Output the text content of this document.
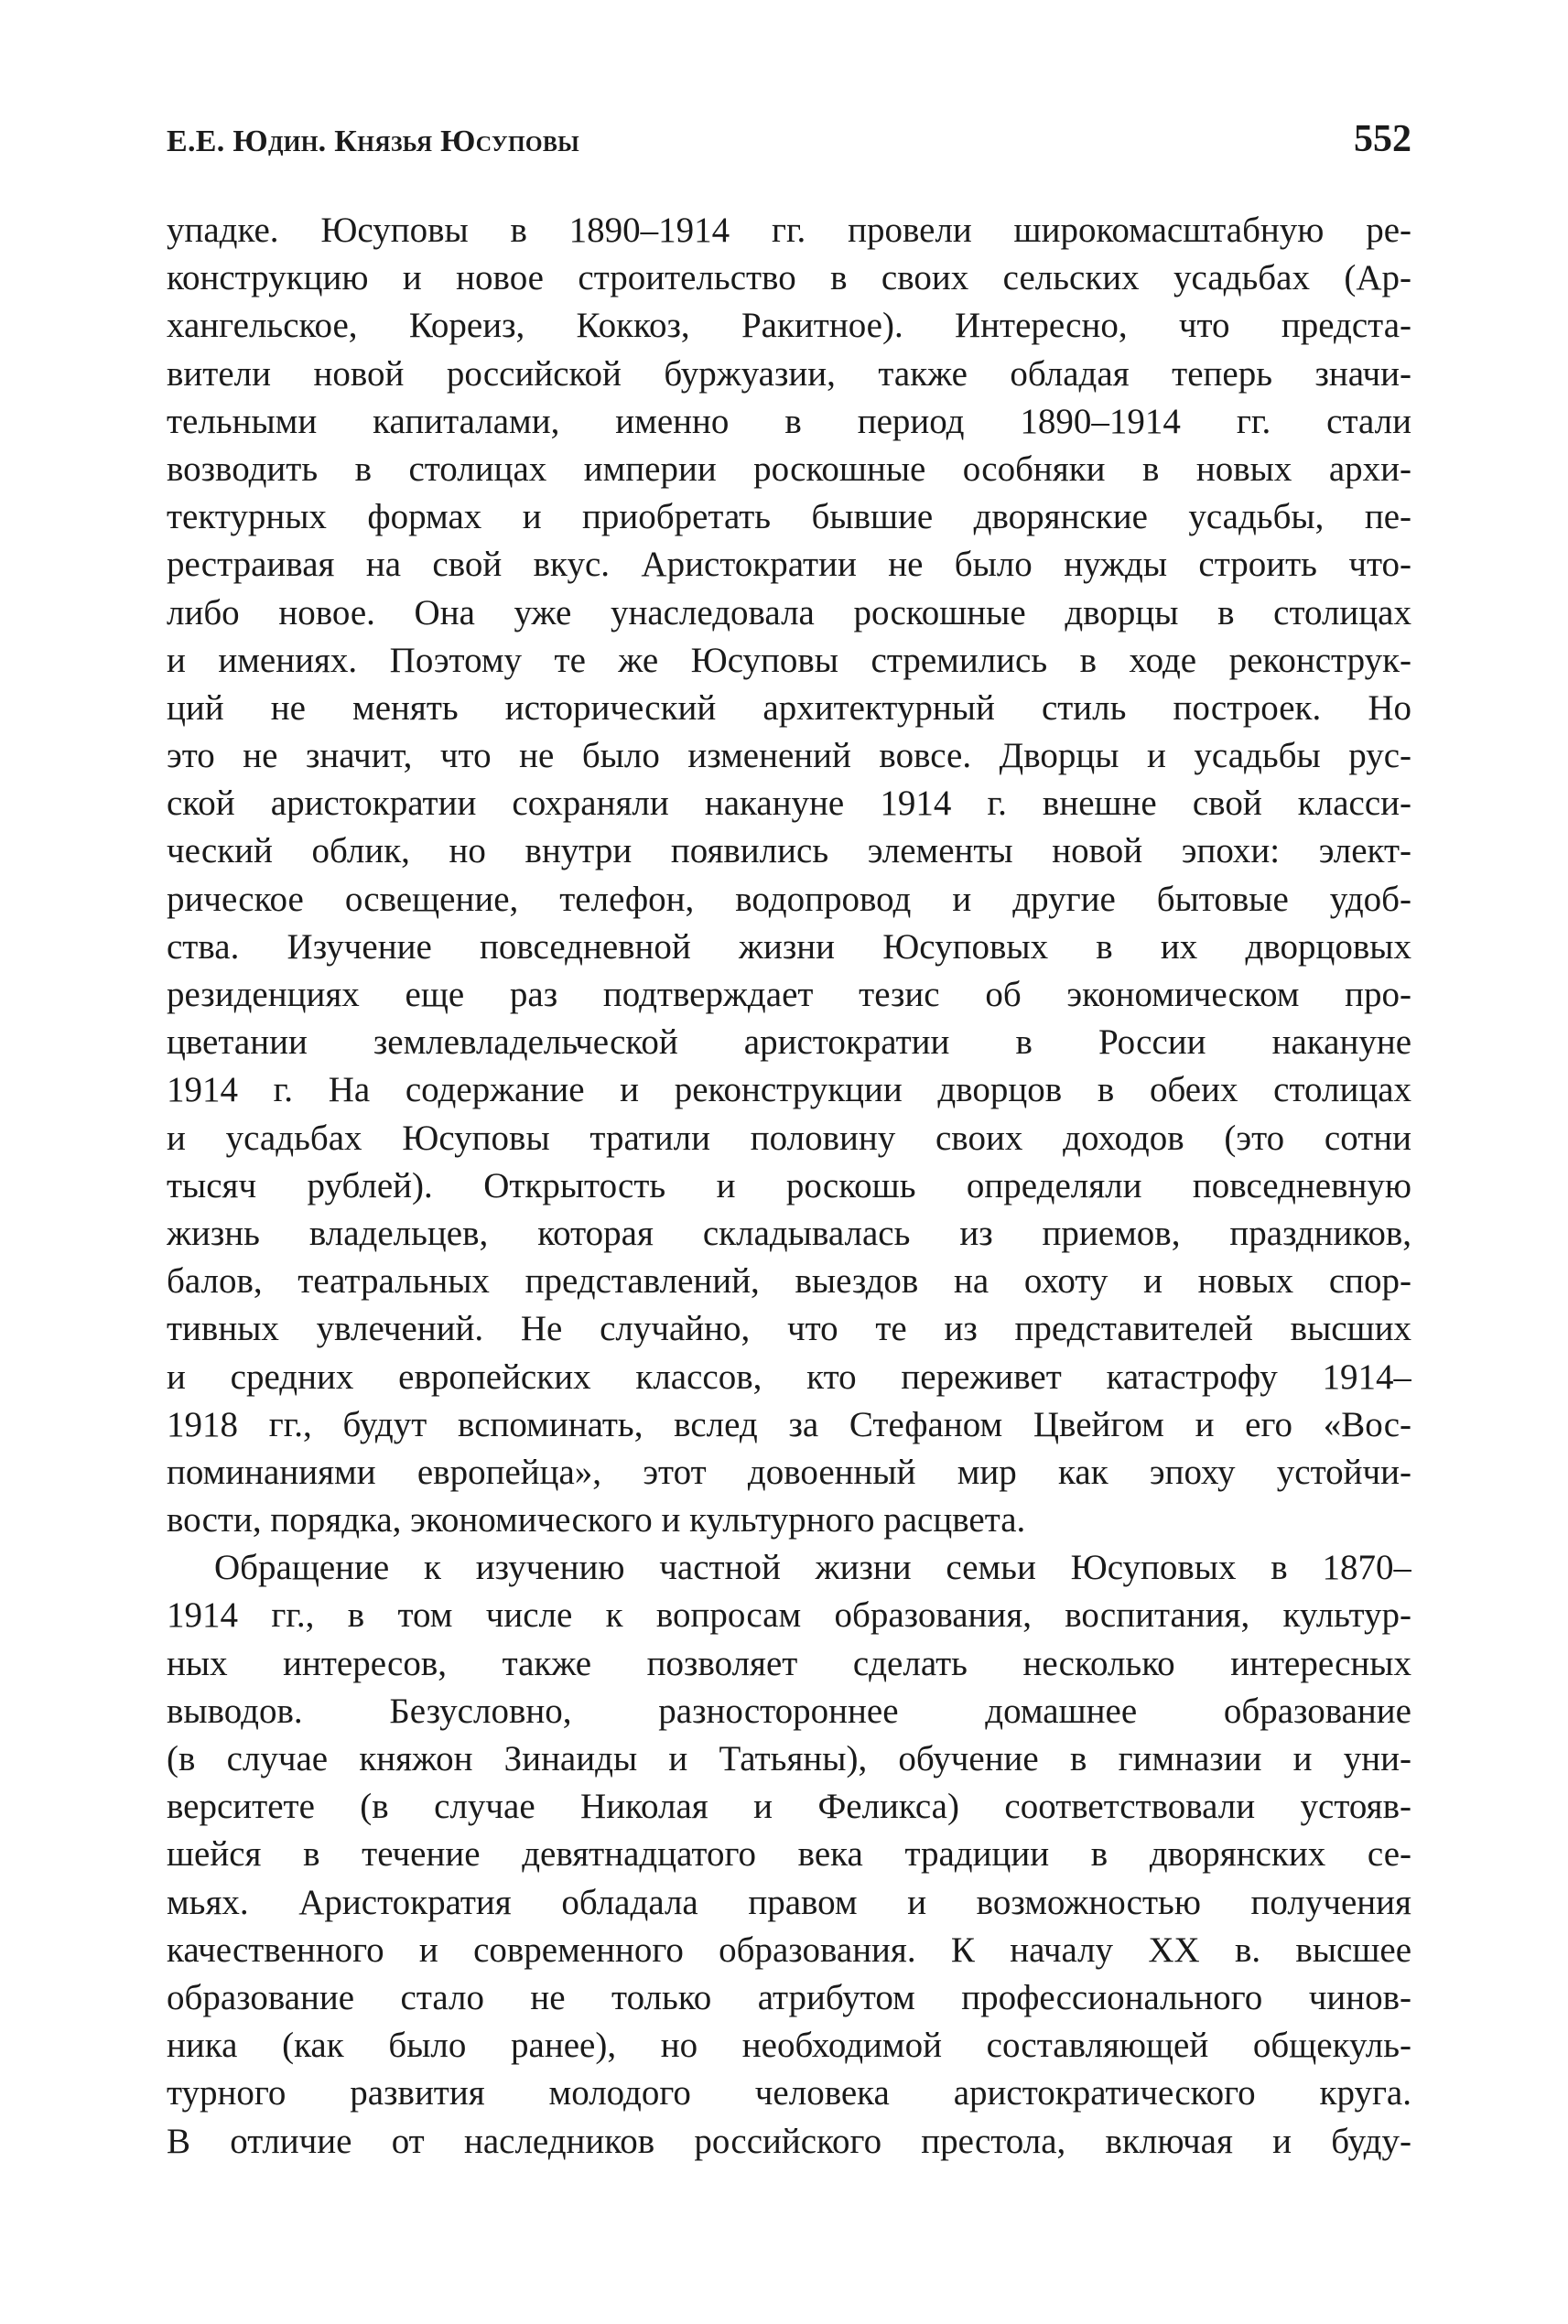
Е.Е. Юдин. Князья Юсуповы	552
упадке. Юсуповы в 1890–1914 гг. провели широкомасштабную ре-
конструкцию и новое строительство в своих сельских усадьбах (Ар-
хангельское, Кореиз, Коккоз, Ракитное). Интересно, что предста-
вители новой российской буржуазии, также обладая теперь значи-
тельными капиталами, именно в период 1890–1914 гг. стали
возводить в столицах империи роскошные особняки в новых архи-
тектурных формах и приобретать бывшие дворянские усадьбы, пе-
рестраивая на свой вкус. Аристократии не было нужды строить что-
либо новое. Она уже унаследовала роскошные дворцы в столицах
и имениях. Поэтому те же Юсуповы стремились в ходе реконструк-
ций не менять исторический архитектурный стиль построек. Но
это не значит, что не было изменений вовсе. Дворцы и усадьбы рус-
ской аристократии сохраняли накануне 1914 г. внешне свой класси-
ческий облик, но внутри появились элементы новой эпохи: элект-
рическое освещение, телефон, водопровод и другие бытовые удоб-
ства. Изучение повседневной жизни Юсуповых в их дворцовых
резиденциях еще раз подтверждает тезис об экономическом про-
цветании землевладельческой аристократии в России накануне
1914 г. На содержание и реконструкции дворцов в обеих столицах
и усадьбах Юсуповы тратили половину своих доходов (это сотни
тысяч рублей). Открытость и роскошь определяли повседневную
жизнь владельцев, которая складывалась из приемов, праздников,
балов, театральных представлений, выездов на охоту и новых спор-
тивных увлечений. Не случайно, что те из представителей высших
и средних европейских классов, кто переживет катастрофу 1914–
1918 гг., будут вспоминать, вслед за Стефаном Цвейгом и его «Вос-
поминаниями европейца», этот довоенный мир как эпоху устойчи-
вости, порядка, экономического и культурного расцвета.
Обращение к изучению частной жизни семьи Юсуповых в 1870–
1914 гг., в том числе к вопросам образования, воспитания, культур-
ных интересов, также позволяет сделать несколько интересных
выводов. Безусловно, разностороннее домашнее образование
(в случае княжон Зинаиды и Татьяны), обучение в гимназии и уни-
верситете (в случае Николая и Феликса) соответствовали устояв-
шейся в течение девятнадцатого века традиции в дворянских се-
мьях. Аристократия обладала правом и возможностью получения
качественного и современного образования. К началу XX в. высшее
образование стало не только атрибутом профессионального чинов-
ника (как было ранее), но необходимой составляющей общекуль-
турного развития молодого человека аристократического круга.
В отличие от наследников российского престола, включая и буду-
